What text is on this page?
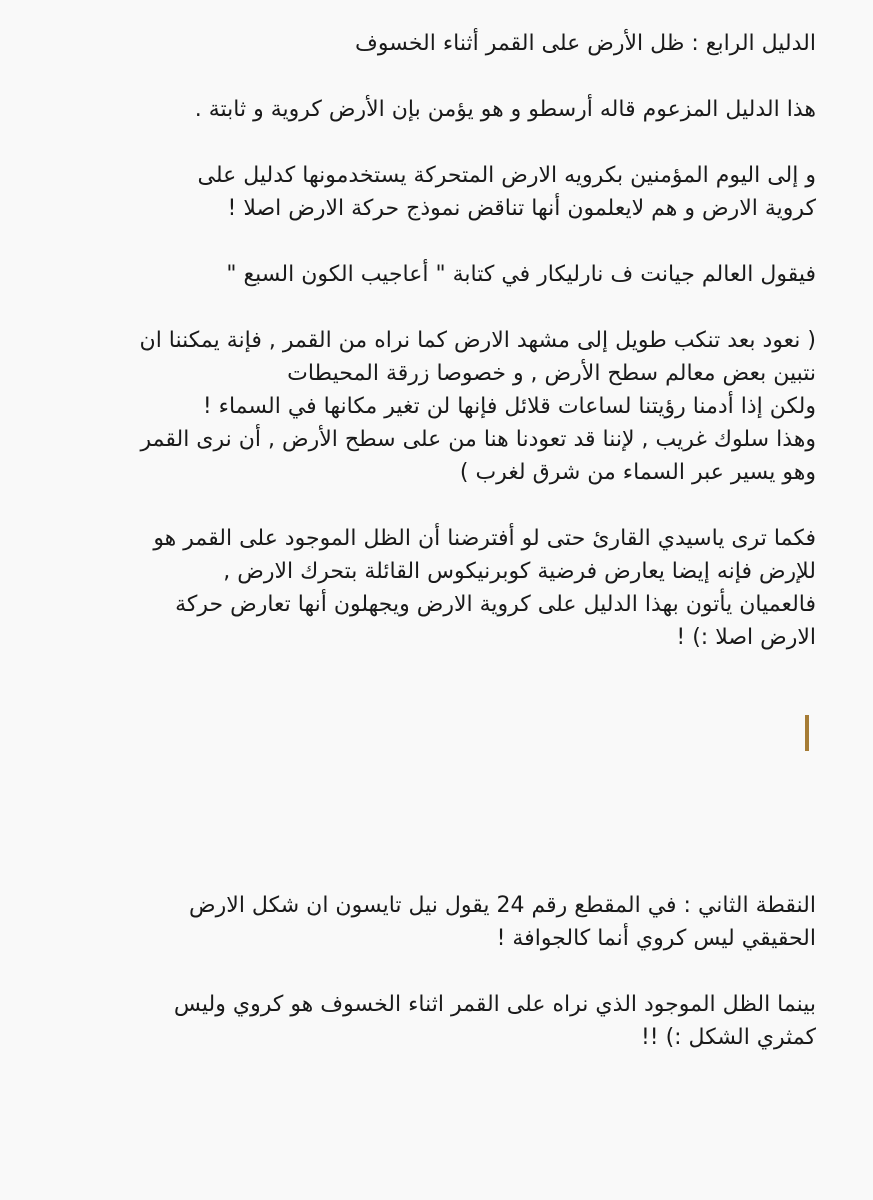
الدليل الرابع : ظل الأرض على القمر أثناء الخسوف

هذا الدليل المزعوم قاله أرسطو و هو يؤمن بإن الأرض كروية و ثابتة .

و إلى اليوم المؤمنين بكرويه الارض المتحركة يستخدمونها كدليل على
كروية الارض و هم لايعلمون أنها تناقض نموذج حركة الارض اصلا !

فيقول العالم جيانت ف نارليكار في كتابة " أعاجيب الكون السبع "

( نعود بعد تنكب طويل إلى مشهد الارض كما نراه من القمر , فإنة يمكننا ان
نتبين بعض معالم سطح الأرض , و خصوصا زرقة المحيطات
ولكن إذا أدمنا رؤيتنا لساعات قلائل فإنها لن تغير مكانها في السماء !
وهذا سلوك غريب , لإننا قد تعودنا هنا من على سطح الأرض , أن نرى القمر
وهو يسير عبر السماء من شرق لغرب )

فكما ترى ياسيدي القارئ حتى لو أفترضنا أن الظل الموجود على القمر هو
للإرض فإنه إيضا يعارض فرضية كوبرنيكوس القائلة بتحرك الارض ,
فالعميان يأتون بهذا الدليل على كروية الارض ويجهلون أنها تعارض حركة
الارض اصلا :) !

النقطة الثاني : في المقطع رقم 24 يقول نيل تايسون ان شكل الارض
الحقيقي ليس كروي أنما كالجوافة !

بينما الظل الموجود الذي نراه على القمر اثناء الخسوف هو كروي وليس
كمثري الشكل :) !!
